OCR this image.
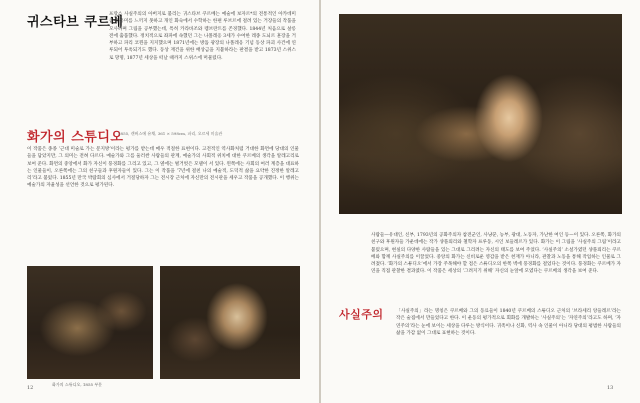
귀스타브 쿠르베

프랑스 사실주의의 아버지로 불리는 귀스타브 쿠르베는 예술에 보자르*의 전통적인 아카데미즘에 흥미를 느끼지 못하고 개인 화숙에서 수학하는 한편 루브르에 걸려 있는 거장들의 작품을 모사하며 그림을 공부했는데, 특히 카라바조와 렘브란트를 존경했다. 1844년 처음으로 살롱전에 출품했다. 정치적으로 좌파에 속했던 그는 나폴레옹 3세가 수여한 레종 도뇌르 훈장을 거부하고 파리 코뮌을 지지했으며 1871년에는 방돔 광장의 나폴레옹 기념 동상 파괴 사건에 연루되어 투옥되기도 했다. 동상 재건을 위한 배상금을 지불하라는 판결을 받고 1873년 스위스로 망명, 1877년 세상을 떠날 때까지 스위스에 머물렀다.

화가의 스튜디오
1855, 캔버스에 유채, 361 × 598cm, 파리, 오르세 미술관

이 작품은 종종 ‘근대 미술로 가는 문지방’이라는 평가를 받는데 매우 적절한 표현이다. 고전적인 역사화처럼 거대한 화면에 당대의 인물들을 담았지만, 그 의미는 전혀 다르다. 예술가와 그를 둘러싼 사람들의 관계, 예술가의 사회적 위치에 대한 쿠르베의 생각을 알레고리로 보여 준다. 화면의 중앙에서 화가 자신이 풍경화를 그리고 있고, 그 옆에는 벌거벗은 모델이 서 있다. 왼쪽에는 사회의 여러 계층을 대표하는 인물들이, 오른쪽에는 그의 친구들과 후원자들이 있다. 그는 이 작품을 ‘7년에 걸친 나의 예술적, 도덕적 삶을 요약한 진정한 알레고리’라고 불렀다. 1855년 만국 박람회의 심사에서 거절당하자 그는 전시장 근처에 자신만의 전시관을 세우고 작품을 공개했다. 이 행위는 예술가의 자율성을 선언한 것으로 평가된다.

화가의 스튜디오, 1855 부분
12

사람들—유대인, 신부, 1793년의 공화주의자 참전군인, 사냥꾼, 농부, 광대, 노동자, 가난한 여인 등—이 있다. 오른쪽, 화가의 친구와 후원자들 가운데에는 작가 샹플뢰리와 철학자 프루동, 시인 보들레르가 있다. 화가는 이 그림을 ‘사실주의 그림’이라고 불렀으며, 현실의 다양한 사람들을 있는 그대로 그리려는 자신의 태도를 보여 주었다. ‘사실주의’ 소설가였던 샹플뢰리는 쿠르베와 함께 사실주의를 이끌었다. 중앙의 화가는 신비로운 영감을 받은 천재가 아니라, 관찰과 노동을 통해 작업하는 인물로 그려졌다. ‘화가의 스튜디오’에서 가장 주목해야 할 점은 스튜디오의 한쪽 벽에 풍경화를 걸었다는 것이다. 풍경화는 쿠르베가 자연을 직접 관찰한 결과였다. 이 작품은 세상의 ‘그려지기 위해’ 자신의 눈앞에 모였다는 쿠르베의 생각을 보여 준다.

사실주의	「사실주의」라는 명칭은 쿠르베와 그의 동료들이 1840년 쿠르베의 스튜디오 근처의 ‘브라세리 앙들레르’라는 작은 술집에서 만들었다고 한다. 이 운동의 평가적으로 회화를 개발하는 ‘사실주의’는 ‘자연주의’라고도 하며, ‘자연주의’라는 눈에 보이는 세상을 다루는 방식이다. 귀족이나 신화, 역사 속 인물이 아니라 당대의 평범한 사람들의 삶을 가감 없이 그대로 표현하는 것이다.

13
